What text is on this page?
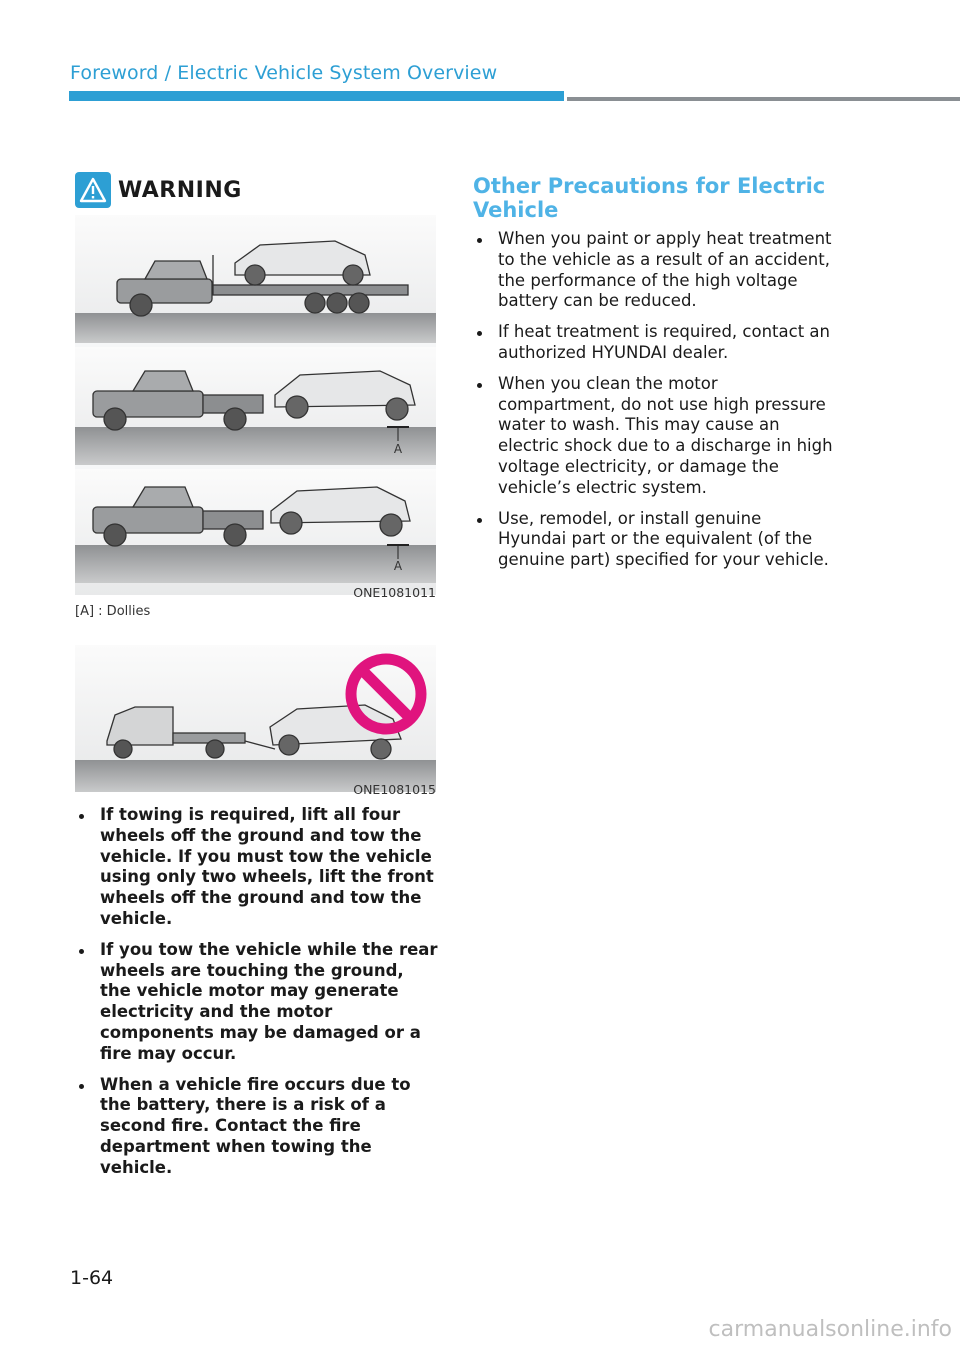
Foreword / Electric Vehicle System Overview
WARNING
A
A
ONE1081011
[A] : Dollies
ONE1081015
If towing is required, lift all four wheels off the ground and tow the vehicle. If you must tow the vehicle using only two wheels, lift the front wheels off the ground and tow the vehicle.
If you tow the vehicle while the rear wheels are touching the ground, the vehicle motor may generate electricity and the motor components may be damaged or a fire may occur.
When a vehicle fire occurs due to the battery, there is a risk of a second fire. Contact the fire department when towing the vehicle.
Other Precautions for Electric Vehicle
When you paint or apply heat treatment to the vehicle as a result of an accident, the performance of the high voltage battery can be reduced.
If heat treatment is required, contact an authorized HYUNDAI dealer.
When you clean the motor compartment, do not use high pressure water to wash. This may cause an electric shock due to a discharge in high voltage electricity, or damage the vehicle’s electric system.
Use, remodel, or install genuine Hyundai part or the equivalent (of the genuine part) specified for your vehicle.
1-64
carmanualsonline.info
